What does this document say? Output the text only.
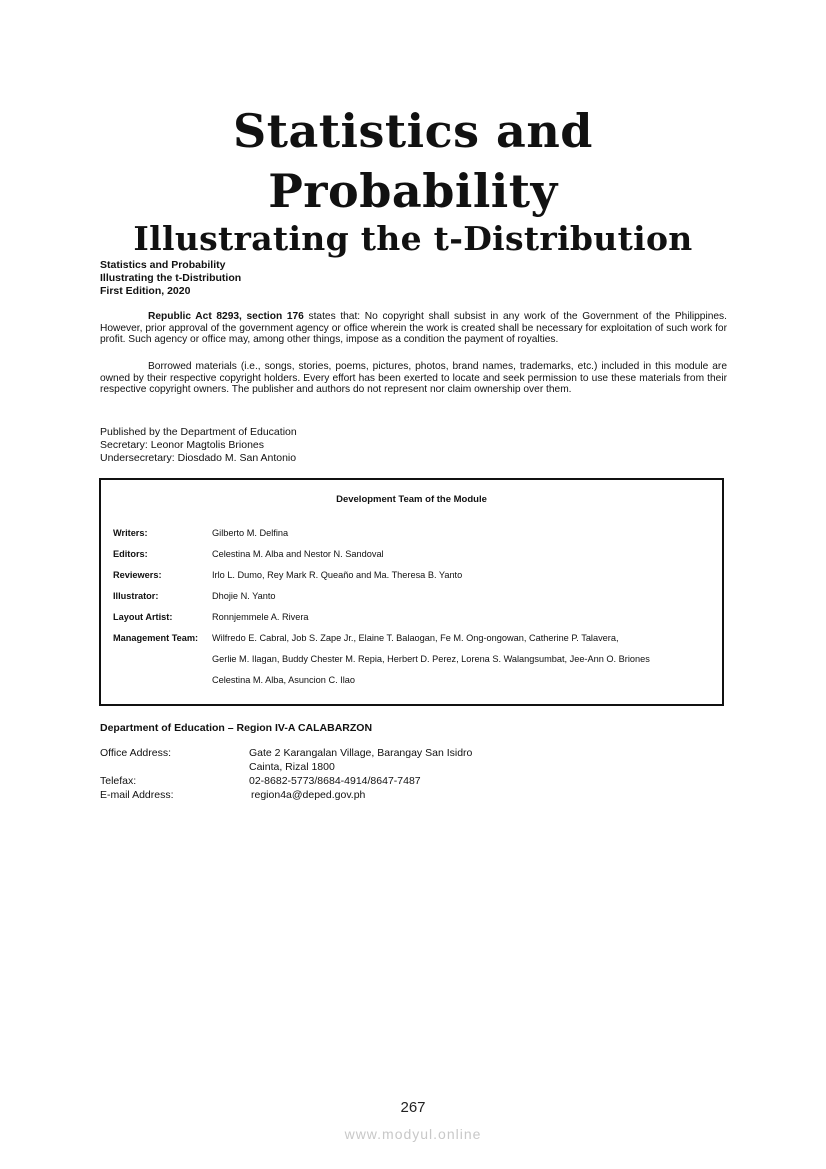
Statistics and
Probability
Illustrating the t-Distribution
Statistics and Probability
Illustrating the t-Distribution
First Edition, 2020

Republic Act 8293, section 176 states that: No copyright shall subsist in any work of the Government of the Philippines. However, prior approval of the government agency or office wherein the work is created shall be necessary for exploitation of such work for profit. Such agency or office may, among other things, impose as a condition the payment of royalties.

Borrowed materials (i.e., songs, stories, poems, pictures, photos, brand names, trademarks, etc.) included in this module are owned by their respective copyright holders. Every effort has been exerted to locate and seek permission to use these materials from their respective copyright owners. The publisher and authors do not represent nor claim ownership over them.

Published by the Department of Education
Secretary: Leonor Magtolis Briones
Undersecretary: Diosdado M. San Antonio
Development Team of the Module
Writers:	Gilberto M. Delfina
Editors:	Celestina M. Alba and Nestor N. Sandoval
Reviewers:	Irlo L. Dumo, Rey Mark R. Queaño and Ma. Theresa B. Yanto
Illustrator:	Dhojie N. Yanto
Layout Artist:	Ronnjemmele A. Rivera
Management Team:	Wilfredo E. Cabral, Job S. Zape Jr., Elaine T. Balaogan, Fe M. Ong-ongowan, Catherine P. Talavera,
Gerlie M. Ilagan, Buddy Chester M. Repia, Herbert D. Perez, Lorena S. Walangsumbat, Jee-Ann O. Briones
Celestina M. Alba, Asuncion C. Ilao
Department of Education – Region IV-A CALABARZON
Office Address:	Gate 2 Karangalan Village, Barangay San Isidro
Cainta, Rizal 1800
Telefax:	02-8682-5773/8684-4914/8647-7487
E-mail Address:	region4a@deped.gov.ph
267
www.modyul.online
